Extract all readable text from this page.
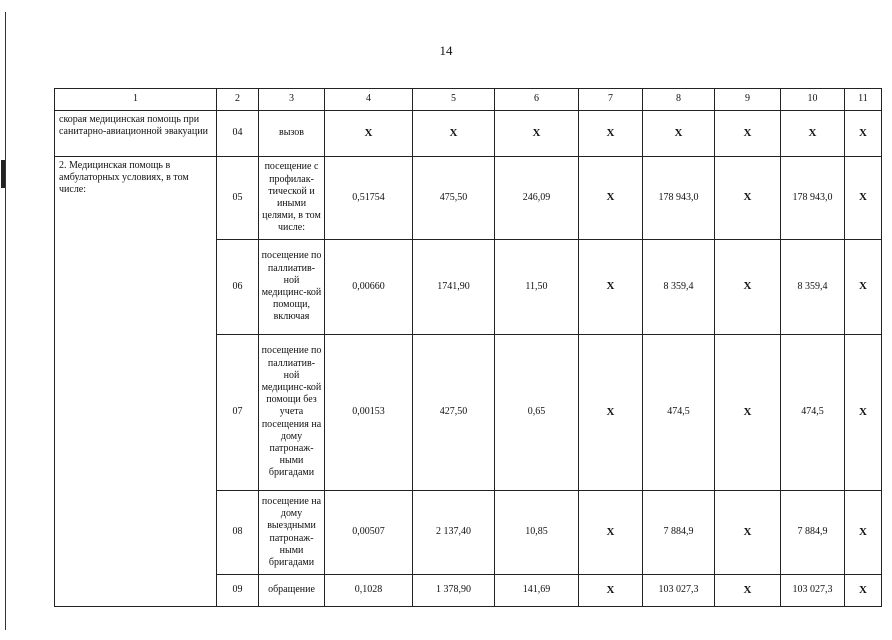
14
1	2	3	4	5	6	7	8	9	10	11
скорая медицинская помощь при санитарно-авиационной эвакуации	04	вызов	X	X	X	X	X	X	X	X
2. Медицинская помощь в амбулаторных условиях, в том числе:	05	посещение с профилак-тической и иными целями, в том числе:	0,51754	475,50	246,09	X	178 943,0	X	178 943,0	X
	06	посещение по паллиатив-ной медицинс-кой помощи, включая	0,00660	1741,90	11,50	X	8 359,4	X	8 359,4	X
	07	посещение по паллиатив-ной медицинс-кой помощи без учета посещения на дому патронаж-ными бригадами	0,00153	427,50	0,65	X	474,5	X	474,5	X
	08	посещение на дому выездными патронаж-ными бригадами	0,00507	2 137,40	10,85	X	7 884,9	X	7 884,9	X
	09	обращение	0,1028	1 378,90	141,69	X	103 027,3	X	103 027,3	X
